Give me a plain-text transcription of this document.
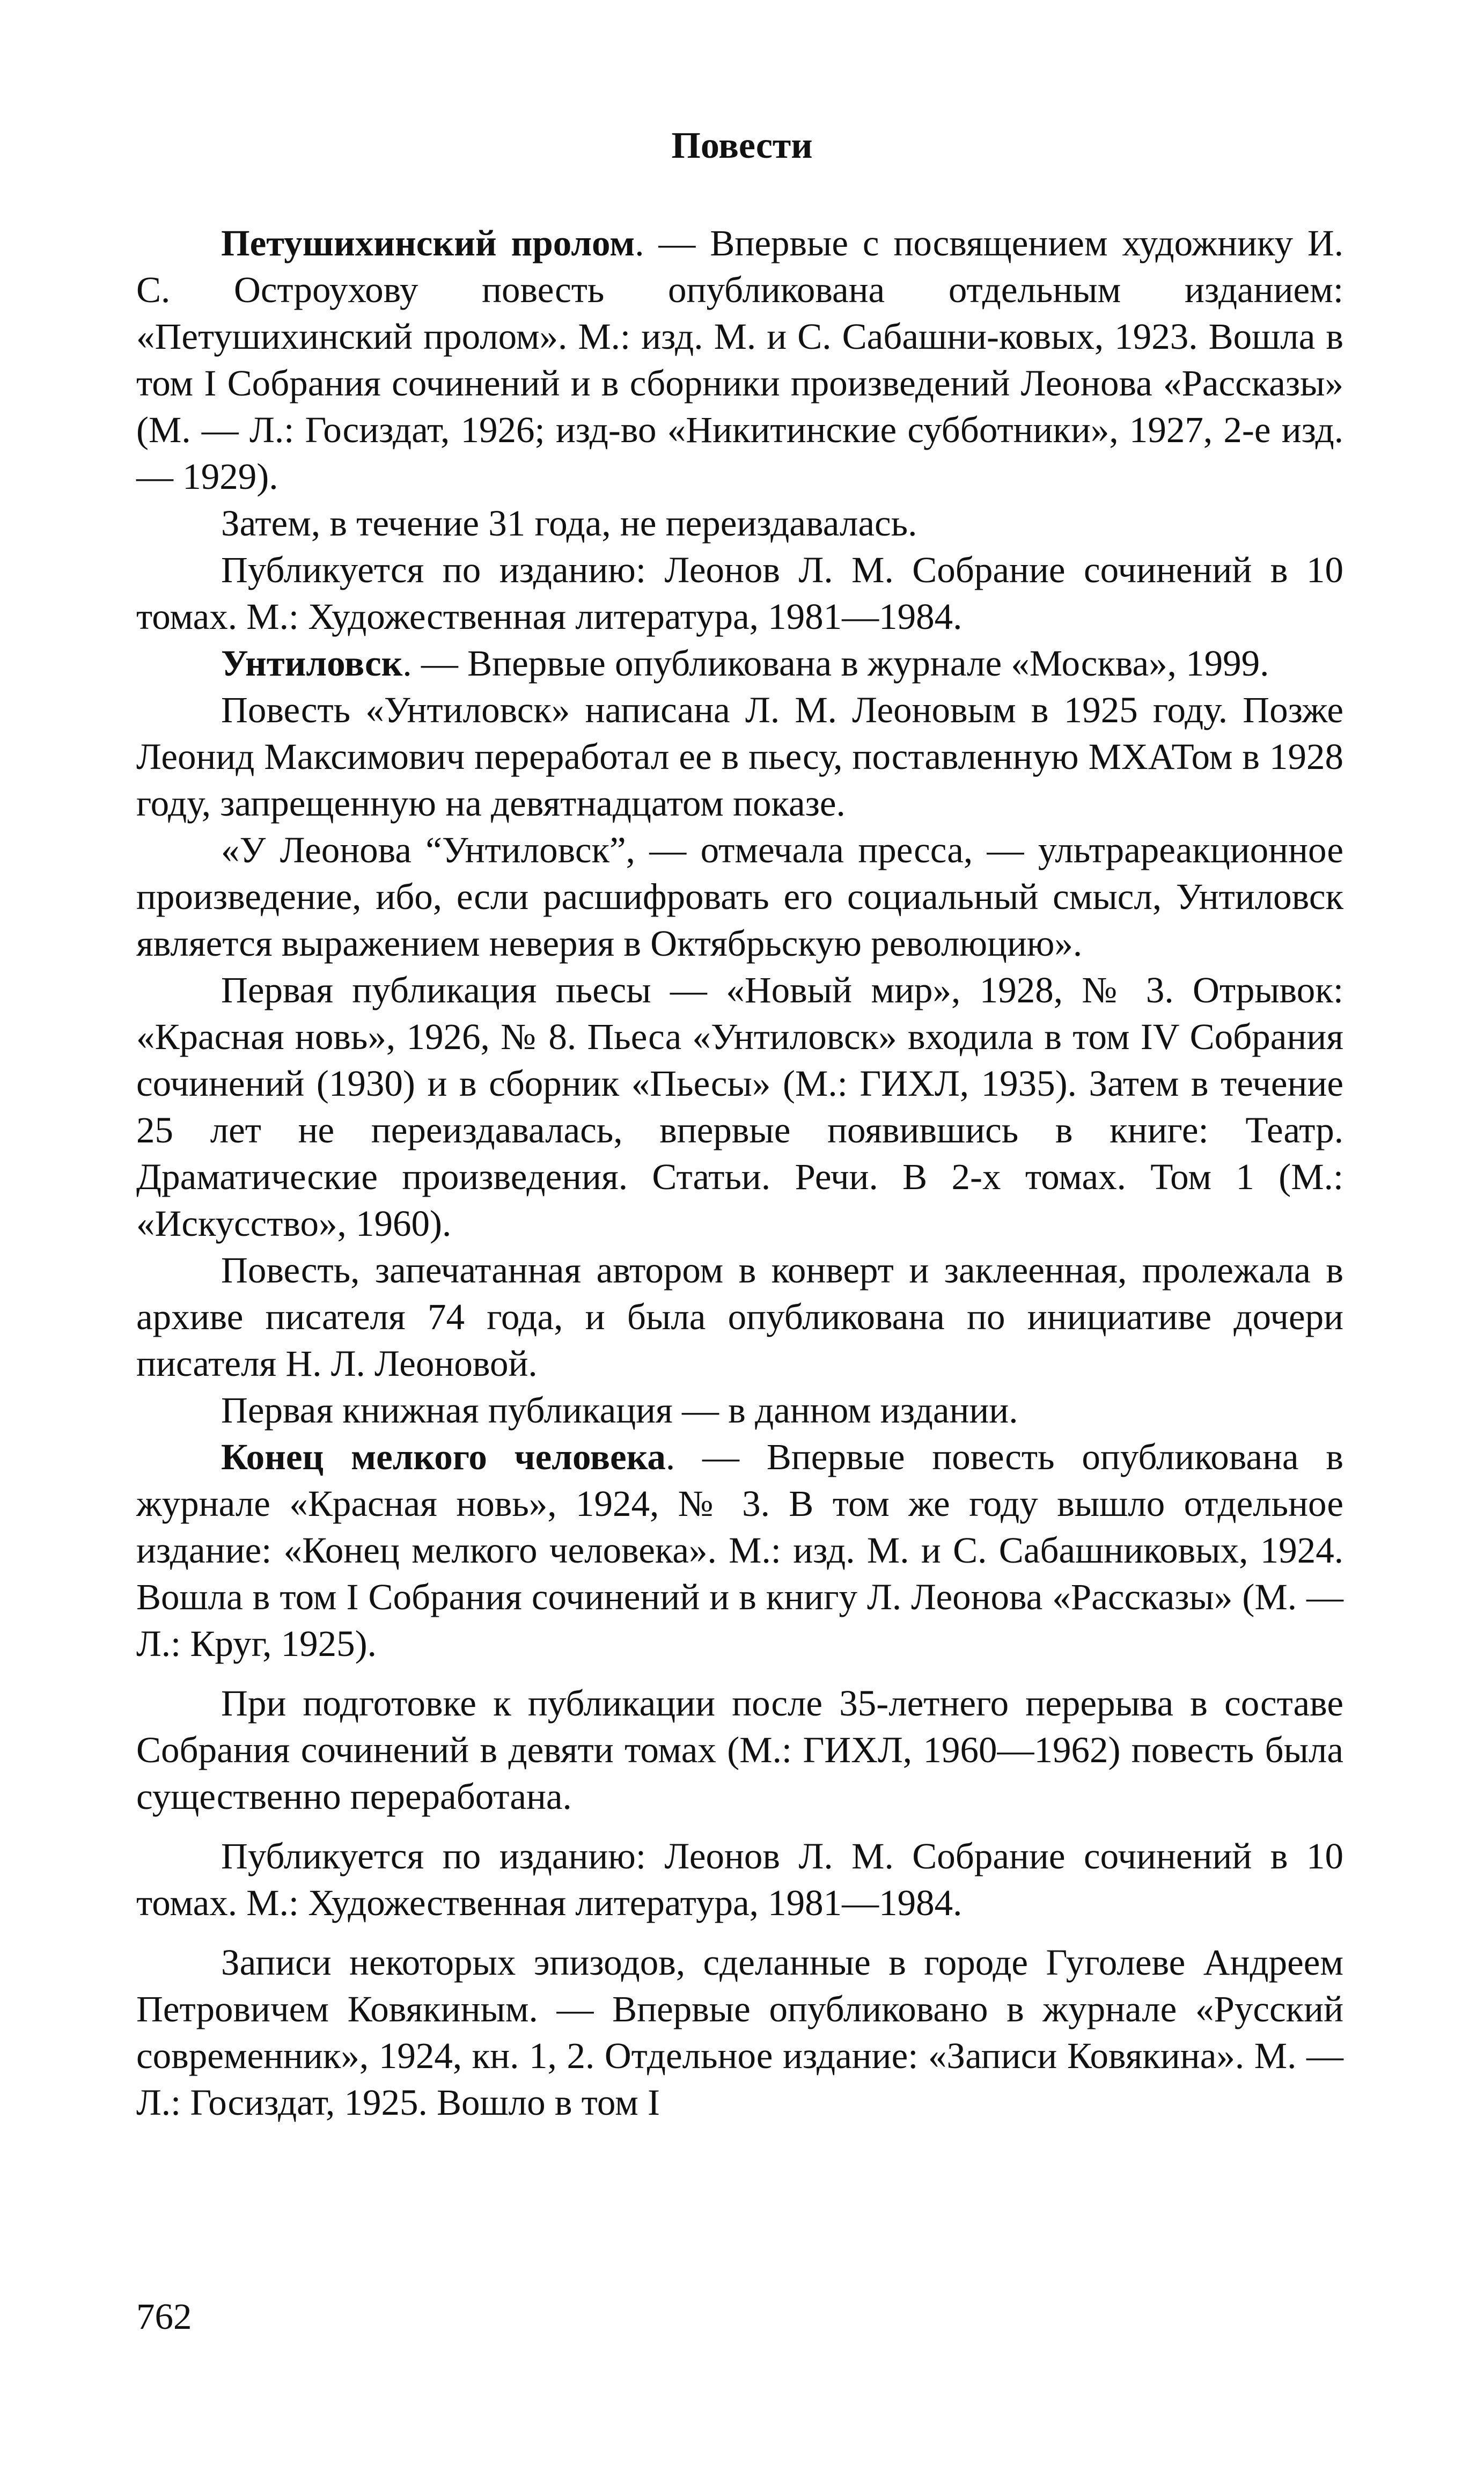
Повести

Петушихинский пролом. — Впервые с посвящением художнику И. С. Остроухову повесть опубликована отдельным изданием: «Петушихинский пролом». М.: изд. М. и С. Сабашни-ковых, 1923. Вошла в том I Собрания сочинений и в сборники произведений Леонова «Рассказы» (М. — Л.: Госиздат, 1926; изд-во «Никитинские субботники», 1927, 2-е изд. — 1929).

Затем, в течение 31 года, не переиздавалась.

Публикуется по изданию: Леонов Л. М. Собрание сочинений в 10 томах. М.: Художественная литература, 1981—1984.

Унтиловск. — Впервые опубликована в журнале «Москва», 1999.

Повесть «Унтиловск» написана Л. М. Леоновым в 1925 году. Позже Леонид Максимович переработал ее в пьесу, поставленную МХАТом в 1928 году, запрещенную на девятнадцатом показе.

«У Леонова “Унтиловск”, — отмечала пресса, — ультрареакционное произведение, ибо, если расшифровать его социальный смысл, Унтиловск является выражением неверия в Октябрьскую революцию».

Первая публикация пьесы — «Новый мир», 1928, № 3. Отрывок: «Красная новь», 1926, № 8. Пьеса «Унтиловск» входила в том IV Собрания сочинений (1930) и в сборник «Пьесы» (М.: ГИХЛ, 1935). Затем в течение 25 лет не переиздавалась, впервые появившись в книге: Театр. Драматические произведения. Статьи. Речи. В 2-х томах. Том 1 (М.: «Искусство», 1960).

Повесть, запечатанная автором в конверт и заклеенная, пролежала в архиве писателя 74 года, и была опубликована по инициативе дочери писателя Н. Л. Леоновой.

Первая книжная публикация — в данном издании.

Конец мелкого человека. — Впервые повесть опубликована в журнале «Красная новь», 1924, № 3. В том же году вышло отдельное издание: «Конец мелкого человека». М.: изд. М. и С. Сабашниковых, 1924. Вошла в том I Собрания сочинений и в книгу Л. Леонова «Рассказы» (М. — Л.: Круг, 1925).

При подготовке к публикации после 35-летнего перерыва в составе Собрания сочинений в девяти томах (М.: ГИХЛ, 1960—1962) повесть была существенно переработана.

Публикуется по изданию: Леонов Л. М. Собрание сочинений в 10 томах. М.: Художественная литература, 1981—1984.

Записи некоторых эпизодов, сделанные в городе Гуголеве Андреем Петровичем Ковякиным. — Впервые опубликовано в журнале «Русский современник», 1924, кн. 1, 2. Отдельное издание: «Записи Ковякина». М. — Л.: Госиздат, 1925. Вошло в том I

762
